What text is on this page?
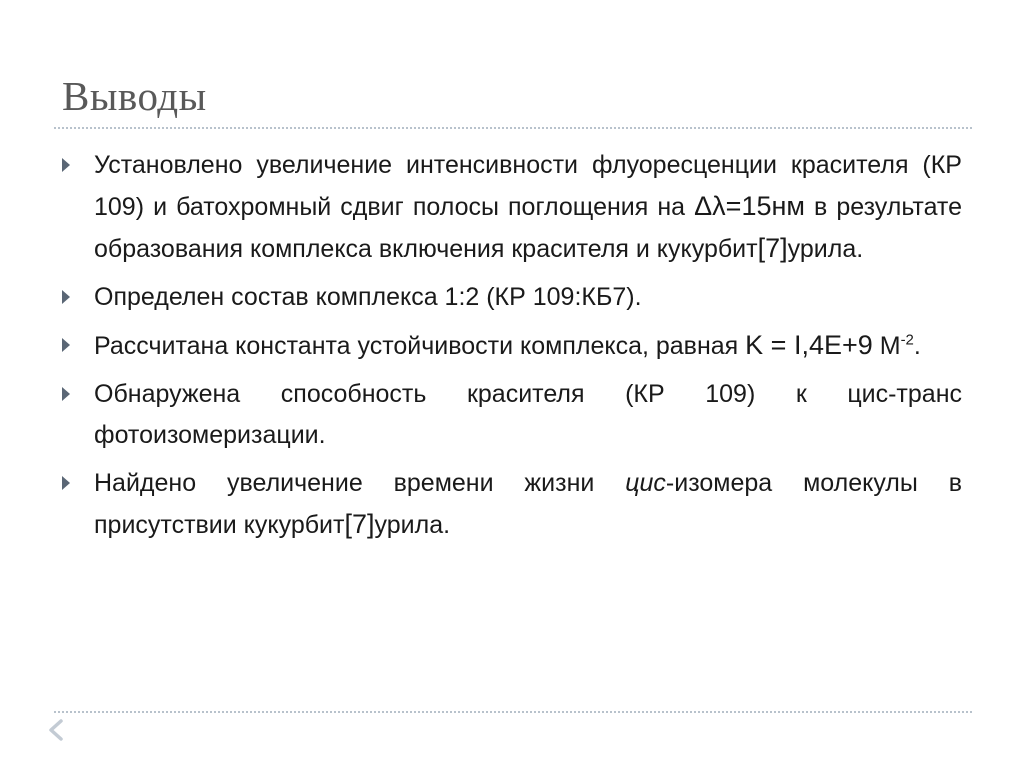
Выводы
Установлено увеличение интенсивности флуоресценции красителя (КР 109) и батохромный сдвиг полосы поглощения на Δλ=15нм в результате образования комплекса включения красителя и кукурбит[7]урила.
Определен состав комплекса 1:2 (КР 109:КБ7).
Рассчитана константа устойчивости комплекса, равная K = I,4E+9 $М^{-2}$.
Обнаружена способность красителя (КР 109) к цис-транс фотоизомеризации.
Найдено увеличение времени жизни цис-изомера молекулы в присутствии кукурбит[7]урила.
